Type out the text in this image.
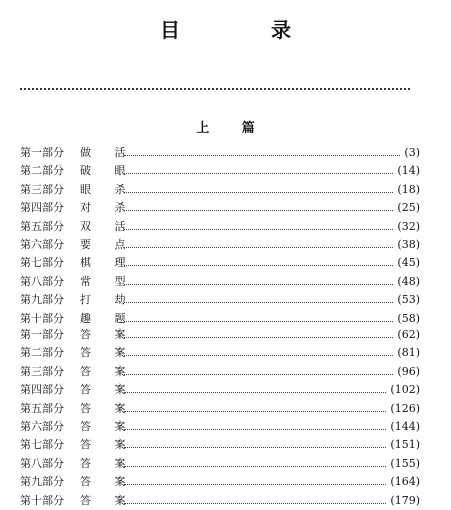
目 录
上 篇
第一部分	做 活	(3)
第二部分	破 眼	(14)
第三部分	眼 杀	(18)
第四部分	对 杀	(25)
第五部分	双 活	(32)
第六部分	要 点	(38)
第七部分	棋 理	(45)
第八部分	常 型	(48)
第九部分	打 劫	(53)
第十部分	趣 题	(58)
第一部分	答 案	(62)
第二部分	答 案	(81)
第三部分	答 案	(96)
第四部分	答 案	(102)
第五部分	答 案	(126)
第六部分	答 案	(144)
第七部分	答 案	(151)
第八部分	答 案	(155)
第九部分	答 案	(164)
第十部分	答 案	(179)
